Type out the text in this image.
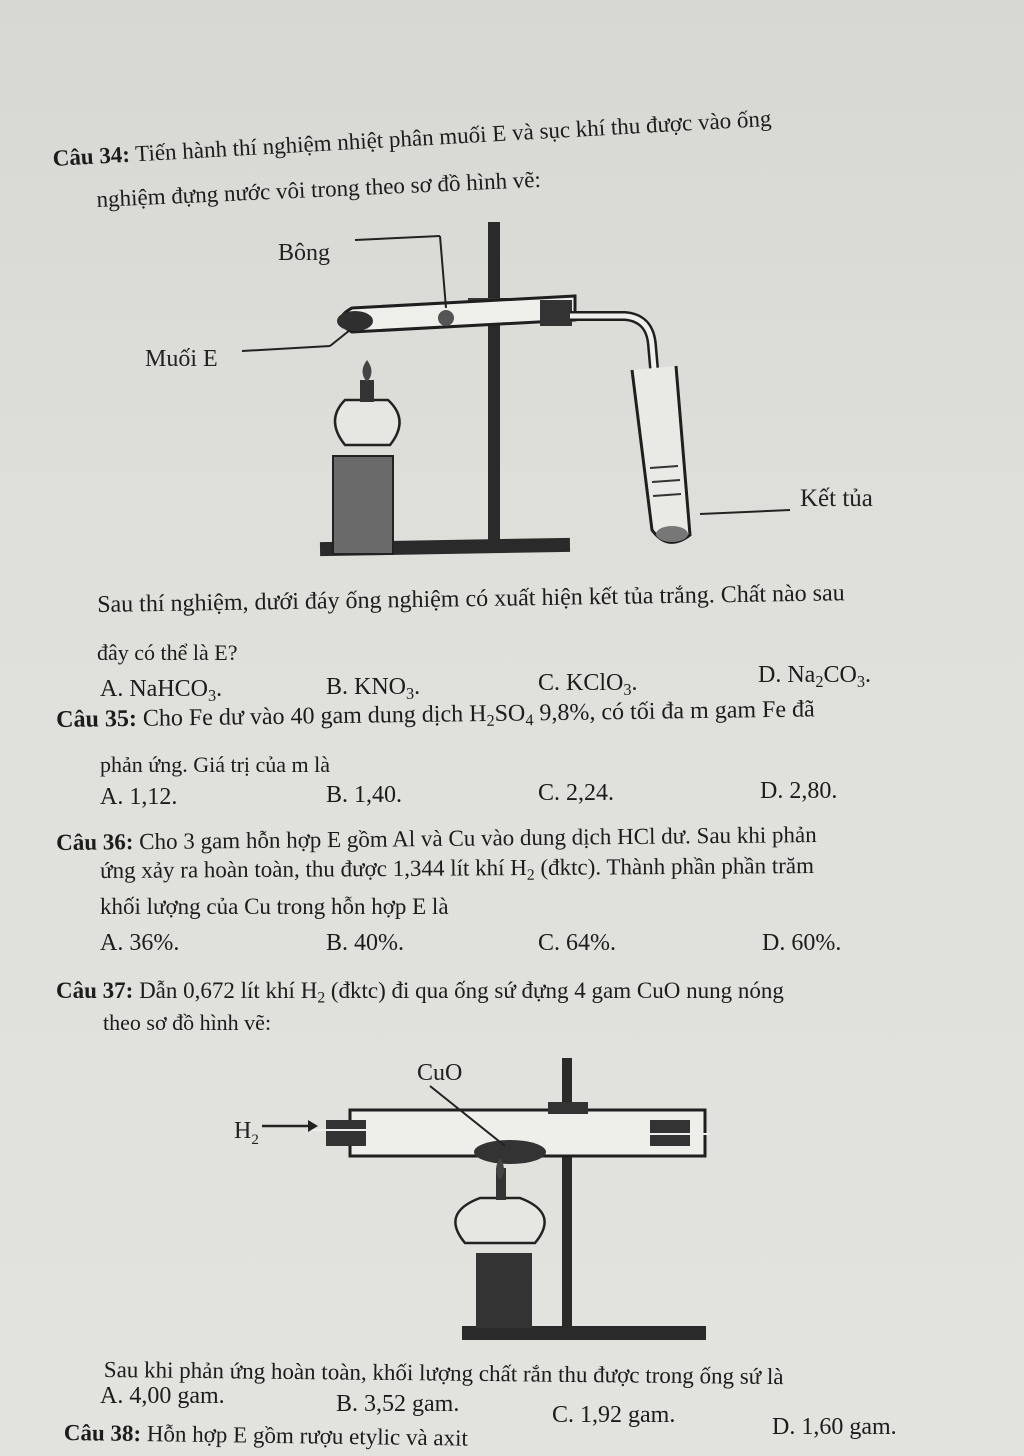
Câu 34: Tiến hành thí nghiệm nhiệt phân muối E và sục khí thu được vào ống
nghiệm đựng nước vôi trong theo sơ đồ hình vẽ:
Bông
Muối E
Kết tủa
Sau thí nghiệm, dưới đáy ống nghiệm có xuất hiện kết tủa trắng. Chất nào sau
đây có thể là E?
A. NaHCO$_3$.	B. $KNO_3$.	C. KClO$_3$.	D. $Na_2CO_3$.
Câu 35: Cho Fe dư vào 40 gam dung dịch $H_2SO_4$ 9,8%, có tối đa m gam Fe đã
phản ứng. Giá trị của m là
A. 1,12.	B. 1,40.	C. 2,24.	D. 2,80.
Câu 36: Cho 3 gam hỗn hợp E gồm Al và Cu vào dung dịch HCl dư. Sau khi phản
ứng xảy ra hoàn toàn, thu được 1,344 lít khí $H_2$ (đktc). Thành phần phần trăm
khối lượng của Cu trong hỗn hợp E là
A. 36%.	B. 40%.	C. 64%.	D. 60%.
Câu 37: Dẫn 0,672 lít khí $H_2$ (đktc) đi qua ống sứ đựng 4 gam CuO nung nóng
theo sơ đồ hình vẽ:
CuO
$H_2$
Sau khi phản ứng hoàn toàn, khối lượng chất rắn thu được trong ống sứ là
A. 4,00 gam.	B. 3,52 gam.	C. 1,92 gam.	D. 1,60 gam.
Câu 38: Hỗn hợp E gồm rượu etylic và axit
